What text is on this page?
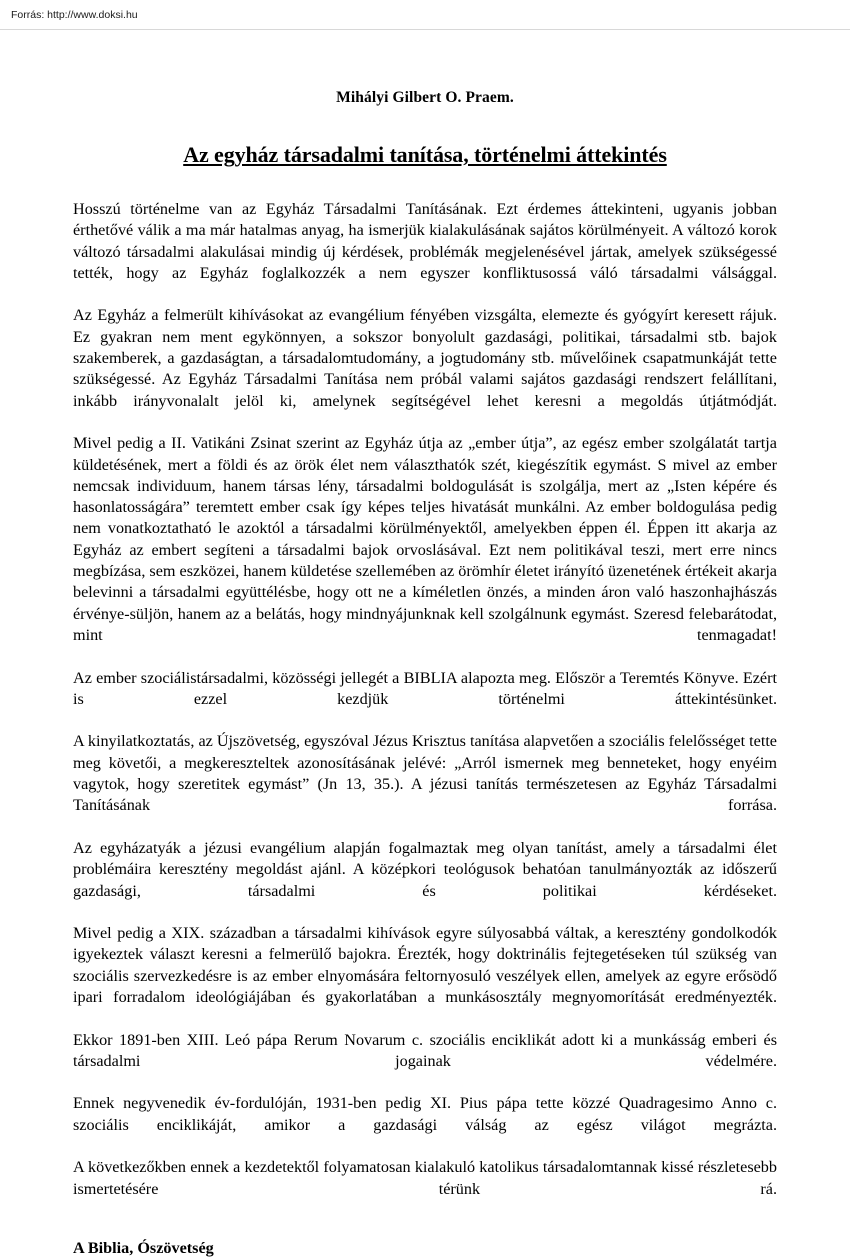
Forrás: http://www.doksi.hu
Mihályi Gilbert O. Praem.
Az egyház társadalmi tanítása, történelmi áttekintés

Hosszú történelme van az Egyház Társadalmi Tanításának. Ezt érdemes áttekinteni, ugyanis jobban érthetővé válik a ma már hatalmas anyag, ha ismerjük kialakulásának sajátos körülményeit. A változó korok változó társadalmi alakulásai mindig új kérdések, problémák megjelenésével jártak, amelyek szükségessé tették, hogy az Egyház foglalkozzék a nem egyszer konfliktusossá váló társadalmi válsággal.

Az Egyház a felmerült kihívásokat az evangélium fényében vizsgálta, elemezte és gyógyírt keresett rájuk. Ez gyakran nem ment egykönnyen, a sokszor bonyolult gazdasági, politikai, társadalmi stb. bajok szakemberek, a gazdaságtan, a társadalomtudomány, a jogtudomány stb. művelőinek csapatmunkáját tette szükségessé. Az Egyház Társadalmi Tanítása nem próbál valami sajátos gazdasági rendszert felállítani, inkább irányvonalalt jelöl ki, amelynek segítségével lehet keresni a megoldás útjátmódját.

Mivel pedig a II. Vatikáni Zsinat szerint az Egyház útja az „ember útja”, az egész ember szolgálatát tartja küldetésének, mert a földi és az örök élet nem választhatók szét, kiegészítik egymást. S mivel az ember nemcsak individuum, hanem társas lény, társadalmi boldogulását is szolgálja, mert az „Isten képére és hasonlatosságára” teremtett ember csak így képes teljes hivatását munkálni. Az ember boldogulása pedig nem vonatkoztatható le azoktól a társadalmi körülményektől, amelyekben éppen él. Éppen itt akarja az Egyház az embert segíteni a társadalmi bajok orvoslásával. Ezt nem politikával teszi, mert erre nincs megbízása, sem eszközei, hanem küldetése szellemében az örömhír életet irányító üzenetének értékeit akarja belevinni a társadalmi együttélésbe, hogy ott ne a kíméletlen önzés, a minden áron való haszonhajhászás érvénye-süljön, hanem az a belátás, hogy mindnyájunknak kell szolgálnunk egymást. Szeresd felebarátodat, mint tenmagadat!

Az ember szociálistársadalmi, közösségi jellegét a BIBLIA alapozta meg. Először a Teremtés Könyve. Ezért is ezzel kezdjük történelmi áttekintésünket.

A kinyilatkoztatás, az Újszövetség, egyszóval Jézus Krisztus tanítása alapvetően a szociális felelősséget tette meg követői, a megkereszteltek azonosításának jelévé: „Arról ismernek meg benneteket, hogy enyéim vagytok, hogy szeretitek egymást” (Jn 13, 35.). A jézusi tanítás természetesen az Egyház Társadalmi Tanításának forrása.

Az egyházatyák a jézusi evangélium alapján fogalmaztak meg olyan tanítást, amely a társadalmi élet problémáira keresztény megoldást ajánl. A középkori teológusok behatóan tanulmányozták az időszerű gazdasági, társadalmi és politikai kérdéseket.

Mivel pedig a XIX. században a társadalmi kihívások egyre súlyosabbá váltak, a keresztény gondolkodók igyekeztek választ keresni a felmerülő bajokra. Érezték, hogy doktrinális fejtegetéseken túl szükség van szociális szervezkedésre is az ember elnyomására feltornyosuló veszélyek ellen, amelyek az egyre erősödő ipari forradalom ideológiájában és gyakorlatában a munkásosztály megnyomorítását eredményezték.

Ekkor 1891-ben XIII. Leó pápa Rerum Novarum c. szociális enciklikát adott ki a munkásság emberi és társadalmi jogainak védelmére.

Ennek negyvenedik év-fordulóján, 1931-ben pedig XI. Pius pápa tette közzé Quadragesimo Anno c. szociális enciklikáját, amikor a gazdasági válság az egész világot megrázta.

A következőkben ennek a kezdetektől folyamatosan kialakuló katolikus társadalomtannak kissé részletesebb ismertetésére térünk rá.

A Biblia, Ószövetség
